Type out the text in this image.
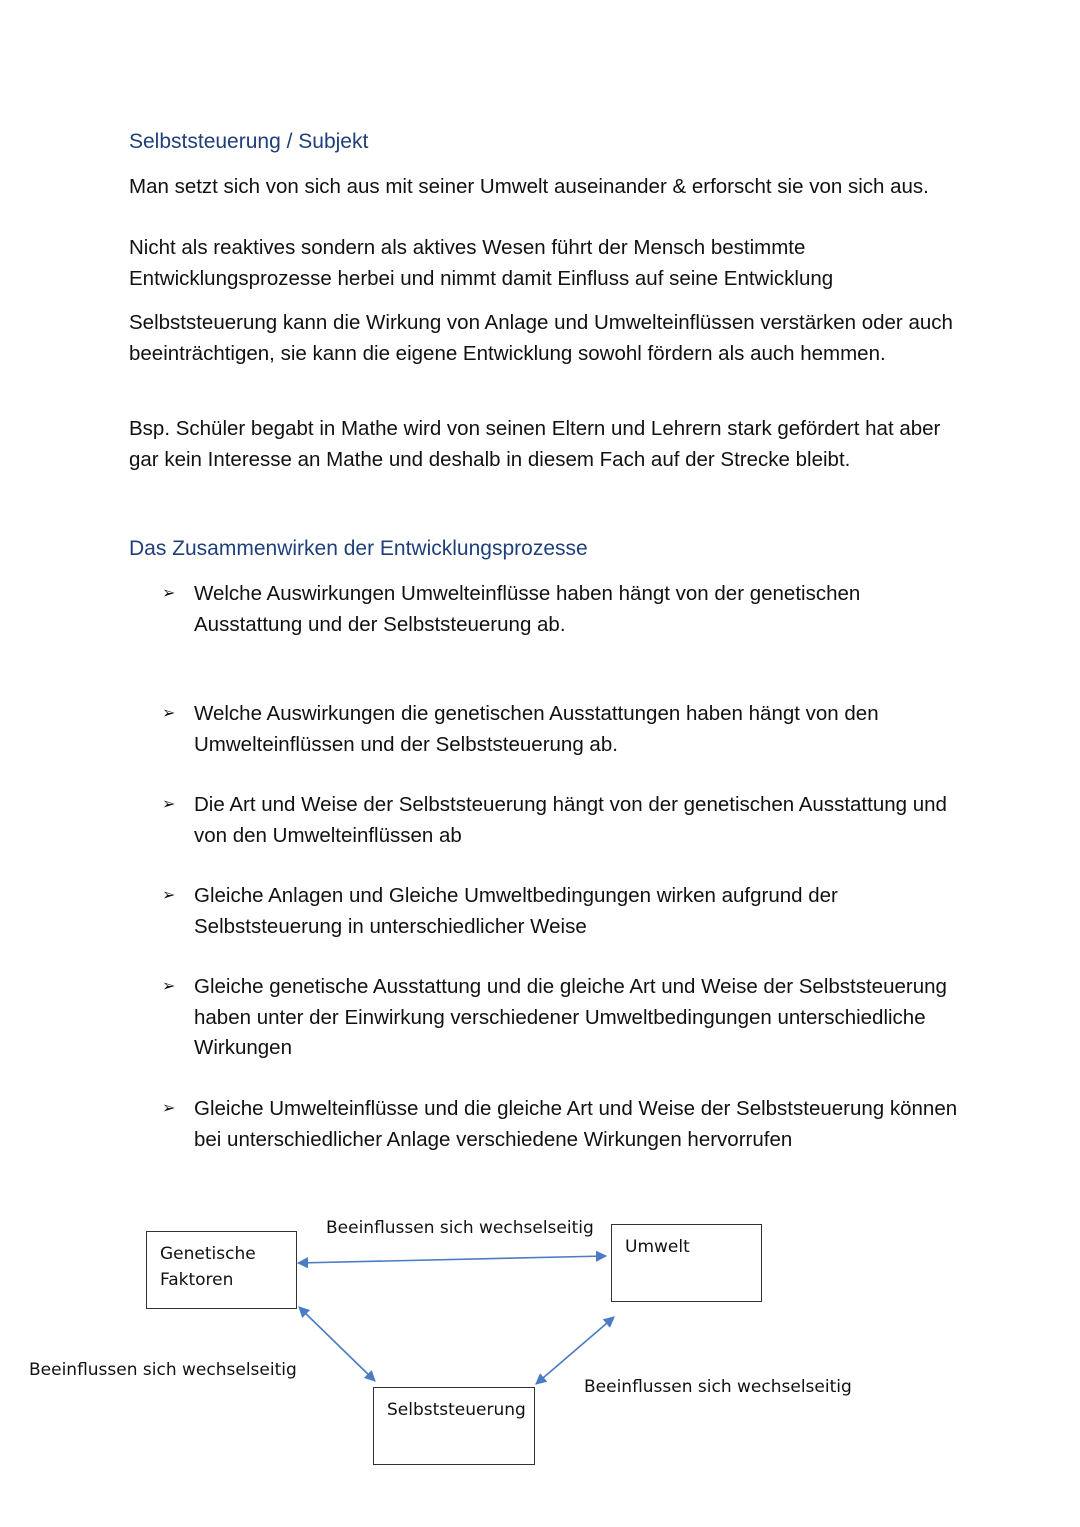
Selbststeuerung / Subjekt

Man setzt sich von sich aus mit seiner Umwelt auseinander & erforscht sie von sich aus.

Nicht als reaktives sondern als aktives Wesen führt der Mensch bestimmte Entwicklungsprozesse herbei und nimmt damit Einfluss auf seine Entwicklung

Selbststeuerung kann die Wirkung von Anlage und Umwelteinflüssen verstärken oder auch beeinträchtigen, sie kann die eigene Entwicklung sowohl fördern als auch hemmen.

Bsp. Schüler begabt in Mathe wird von seinen Eltern und Lehrern stark gefördert hat aber gar kein Interesse an Mathe und deshalb in diesem Fach auf der Strecke bleibt.

Das Zusammenwirken der Entwicklungsprozesse
➢ Welche Auswirkungen Umwelteinflüsse haben hängt von der genetischen Ausstattung und der Selbststeuerung ab.
➢ Welche Auswirkungen die genetischen Ausstattungen haben hängt von den Umwelteinflüssen und der Selbststeuerung ab.
➢ Die Art und Weise der Selbststeuerung hängt von der genetischen Ausstattung und von den Umwelteinflüssen ab
➢ Gleiche Anlagen und Gleiche Umweltbedingungen wirken aufgrund der Selbststeuerung in unterschiedlicher Weise
➢ Gleiche genetische Ausstattung und die gleiche Art und Weise der Selbststeuerung haben unter der Einwirkung verschiedener Umweltbedingungen unterschiedliche Wirkungen
➢ Gleiche Umwelteinflüsse und die gleiche Art und Weise der Selbststeuerung können bei unterschiedlicher Anlage verschiedene Wirkungen hervorrufen
Genetische
Faktoren
Umwelt
Selbststeuerung
Beeinflussen sich wechselseitig
Beeinflussen sich wechselseitig
Beeinflussen sich wechselseitig
